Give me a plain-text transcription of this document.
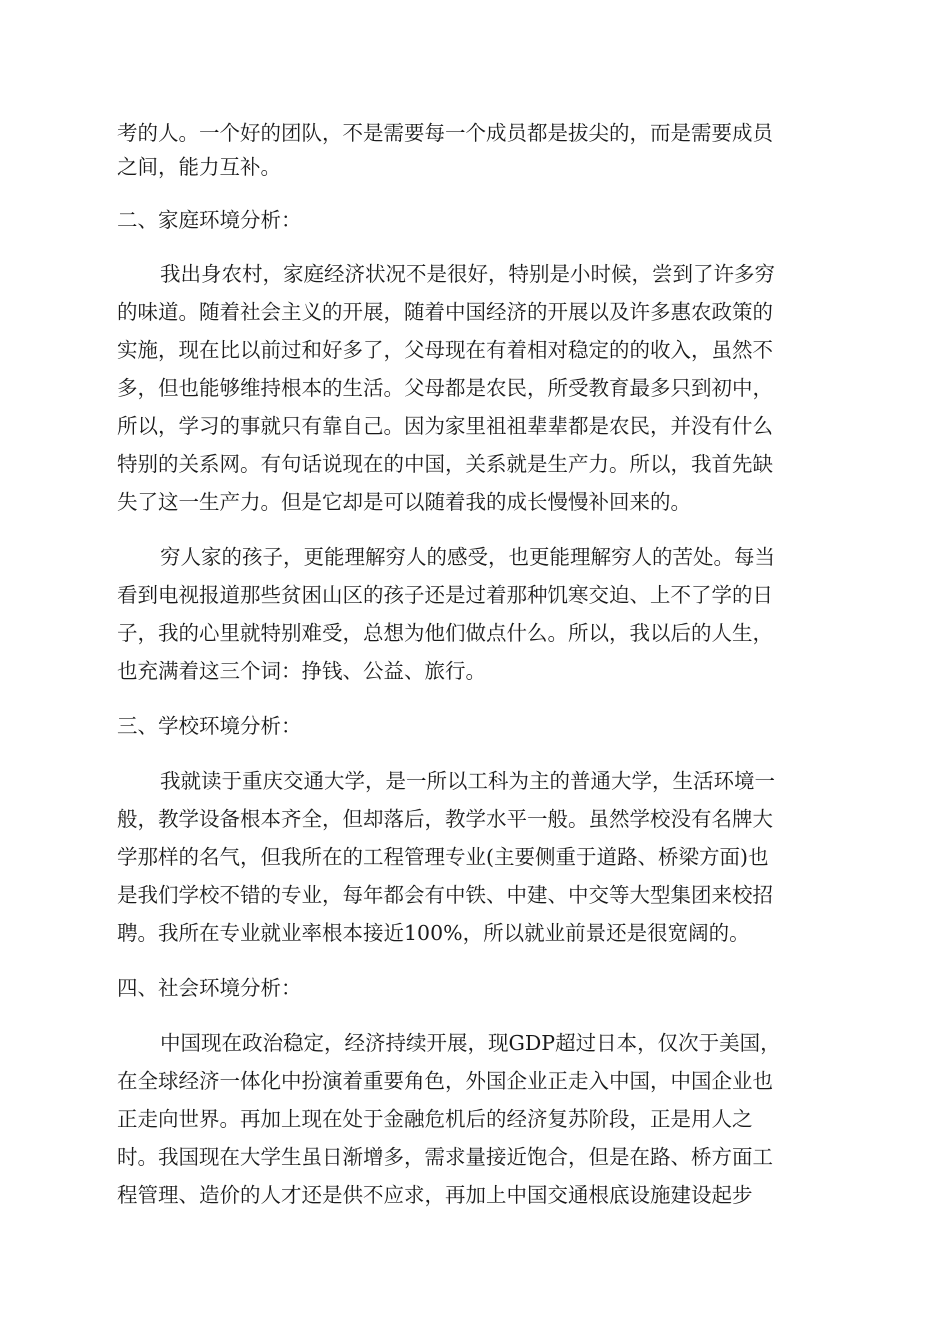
考的人。一个好的团队，不是需要每一个成员都是拔尖的，而是需要成员
之间，能力互补。
二、家庭环境分析：
我出身农村，家庭经济状况不是很好，特别是小时候，尝到了许多穷
的味道。随着社会主义的开展，随着中国经济的开展以及许多惠农政策的
实施，现在比以前过和好多了，父母现在有着相对稳定的的收入，虽然不
多，但也能够维持根本的生活。父母都是农民，所受教育最多只到初中，
所以，学习的事就只有靠自己。因为家里祖祖辈辈都是农民，并没有什么
特别的关系网。有句话说现在的中国，关系就是生产力。所以，我首先缺
失了这一生产力。但是它却是可以随着我的成长慢慢补回来的。
穷人家的孩子，更能理解穷人的感受，也更能理解穷人的苦处。每当
看到电视报道那些贫困山区的孩子还是过着那种饥寒交迫、上不了学的日
子，我的心里就特别难受，总想为他们做点什么。所以，我以后的人生，
也充满着这三个词：挣钱、公益、旅行。
三、学校环境分析：
我就读于重庆交通大学，是一所以工科为主的普通大学，生活环境一
般，教学设备根本齐全，但却落后，教学水平一般。虽然学校没有名牌大
学那样的名气，但我所在的工程管理专业(主要侧重于道路、桥梁方面)也
是我们学校不错的专业，每年都会有中铁、中建、中交等大型集团来校招
聘。我所在专业就业率根本接近100%，所以就业前景还是很宽阔的。
四、社会环境分析：
中国现在政治稳定，经济持续开展，现GDP超过日本，仅次于美国，
在全球经济一体化中扮演着重要角色，外国企业正走入中国，中国企业也
正走向世界。再加上现在处于金融危机后的经济复苏阶段，正是用人之
时。我国现在大学生虽日渐增多，需求量接近饱合，但是在路、桥方面工
程管理、造价的人才还是供不应求，再加上中国交通根底设施建设起步
